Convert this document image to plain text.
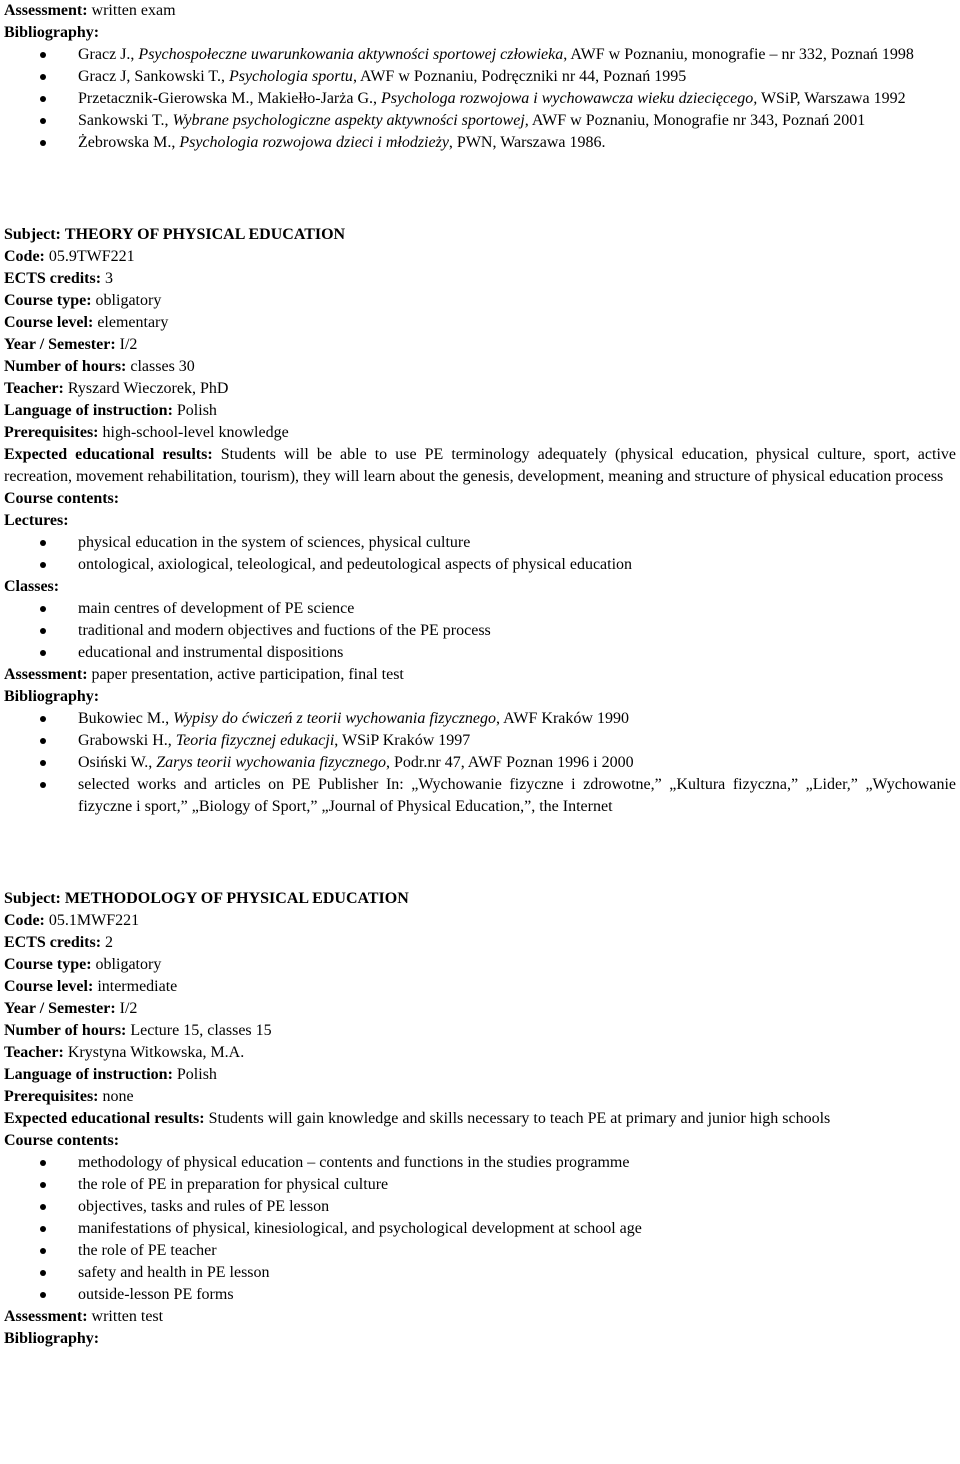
Assessment: written exam
Bibliography:
Gracz J., Psychospołeczne uwarunkowania aktywności sportowej człowieka, AWF w Poznaniu, monografie – nr 332, Poznań 1998
Gracz J, Sankowski T., Psychologia sportu, AWF w Poznaniu, Podręczniki nr 44, Poznań 1995
Przetacznik-Gierowska M., Makiełło-Jarża G., Psychologa rozwojowa i wychowawcza wieku dziecięcego, WSiP, Warszawa 1992
Sankowski T., Wybrane psychologiczne aspekty aktywności sportowej, AWF w Poznaniu, Monografie nr 343, Poznań 2001
Żebrowska M., Psychologia rozwojowa dzieci i młodzieży, PWN, Warszawa 1986.
Subject: THEORY OF PHYSICAL EDUCATION
Code: 05.9TWF221
ECTS credits: 3
Course type: obligatory
Course level: elementary
Year / Semester: I/2
Number of hours: classes 30
Teacher: Ryszard Wieczorek, PhD
Language of instruction: Polish
Prerequisites: high-school-level knowledge
Expected educational results: Students will be able to use PE terminology adequately (physical education, physical culture, sport, active recreation, movement rehabilitation, tourism), they will learn about the genesis, development, meaning and structure of physical education process
Course contents:
Lectures:
physical education in the system of sciences, physical culture
ontological, axiological, teleological, and pedeutological aspects of physical education
Classes:
main centres of development of PE science
traditional and modern objectives and fuctions of the PE process
educational and instrumental dispositions
Assessment: paper presentation, active participation, final test
Bibliography:
Bukowiec M., Wypisy do ćwiczeń z teorii wychowania fizycznego, AWF Kraków 1990
Grabowski H., Teoria fizycznej edukacji, WSiP Kraków 1997
Osiński W., Zarys teorii wychowania fizycznego, Podr.nr 47, AWF Poznan 1996 i 2000
selected works and articles on PE Publisher In: „Wychowanie fizyczne i zdrowotne,” „Kultura fizyczna,” „Lider,” „Wychowanie fizyczne i sport,” „Biology of Sport,” „Journal of Physical Education,”, the Internet
Subject: METHODOLOGY OF PHYSICAL EDUCATION
Code: 05.1MWF221
ECTS credits: 2
Course type: obligatory
Course level: intermediate
Year / Semester: I/2
Number of hours: Lecture 15, classes 15
Teacher: Krystyna Witkowska, M.A.
Language of instruction: Polish
Prerequisites: none
Expected educational results: Students will gain knowledge and skills necessary to teach PE at primary and junior high schools
Course contents:
methodology of physical education – contents and functions in the studies programme
the role of PE in preparation for physical culture
objectives, tasks and rules of PE lesson
manifestations of physical, kinesiological, and psychological development at school age
the role of PE teacher
safety and health in PE lesson
outside-lesson PE forms
Assessment: written test
Bibliography:
